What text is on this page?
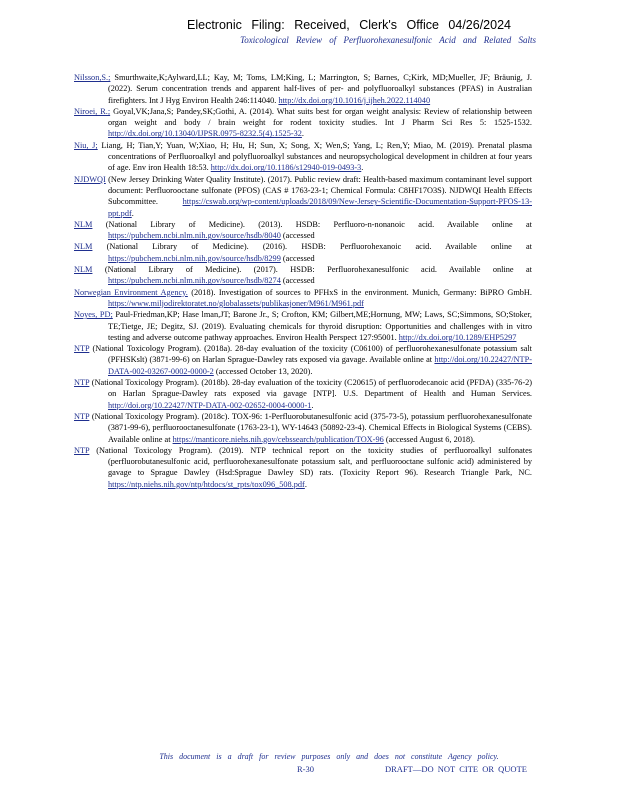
Electronic Filing: Received, Clerk's Office 04/26/2024
Toxicological Review of Perfluorohexanesulfonic Acid and Related Salts
Nilsson,S.; Smurthwaite,K;Aylward,LL; Kay, M; Toms, LM;King, L; Marrington, S; Barnes, C;Kirk, MD;Mueller, JF; Bräunig, J. (2022). Serum concentration trends and apparent half-lives of per- and polyfluoroalkyl substances (PFAS) in Australian firefighters. Int J Hyg Environ Health 246:114040. http://dx.doi.org/10.1016/j.ijheh.2022.114040
Niroei, R.; Goyal,VK;Jana,S; Pandey,SK;Gothi, A. (2014). What suits best for organ weight analysis: Review of relationship between organ weight and body / brain weight for rodent toxicity studies. Int J Pharm Sci Res 5: 1525-1532. http://dx.doi.org/10.13040/IJPSR.0975-8232.5(4).1525-32.
Niu, J; Liang, H; Tian,Y; Yuan, W;Xiao, H; Hu, H; Sun, X; Song, X; Wen,S; Yang, L; Ren,Y; Miao, M. (2019). Prenatal plasma concentrations of Perfluoroalkyl and polyfluoroalkyl substances and neuropsychological development in children at four years of age. Env iron Health 18:53. http://dx.doi.org/10.1186/s12940-019-0493-3.
NJDWQI (New Jersey Drinking Water Quality Institute). (2017). Public review draft: Health-based maximum contaminant level support document: Perfluorooctane sulfonate (PFOS) (CAS # 1763-23-1; Chemical Formula: C8HF17O3S). NJDWQI Health Effects Subcommittee. https://cswab.org/wp-content/uploads/2018/09/New-Jersey-Scientific-Documentation-Support-PFOS-13-ppt.pdf.
NLM (National Library of Medicine). (2013). HSDB: Perfluoro-n-nonanoic acid. Available online at https://pubchem.ncbi.nlm.nih.gov/source/hsdb/8040 (accessed
NLM (National Library of Medicine). (2016). HSDB: Perfluorohexanoic acid. Available online at https://pubchem.ncbi.nlm.nih.gov/source/hsdb/8299 (accessed
NLM (National Library of Medicine). (2017). HSDB: Perfluorohexanesulfonic acid. Available online at https://pubchem.ncbi.nlm.nih.gov/source/hsdb/8274 (accessed
Norwegian Environment Agency. (2018). Investigation of sources to PFHxS in the environment. Munich, Germany: BiPRO GmbH. https://www.miljodirektoratet.no/globalassets/publikasjoner/M961/M961.pdf
Noyes, PD; Paul-Friedman,KP; Hase lman,JT; Barone Jr., S; Crofton, KM; Gilbert,ME;Hornung, MW; Laws, SC;Simmons, SO;Stoker, TE;Tietge, JE; Degitz, SJ. (2019). Evaluating chemicals for thyroid disruption: Opportunities and challenges with in vitro testing and adverse outcome pathway approaches. Environ Health Perspect 127:95001. http://dx.doi.org/10.1289/EHP5297
NTP (National Toxicology Program). (2018a). 28-day evaluation of the toxicity (C06100) of perfluorohexanesulfonate potassium salt (PFHSKslt) (3871-99-6) on Harlan Sprague-Dawley rats exposed via gavage. Available online at http://doi.org/10.22427/NTP-DATA-002-03267-0002-0000-2 (accessed October 13, 2020).
NTP (National Toxicology Program). (2018b). 28-day evaluation of the toxicity (C20615) of perfluorodecanoic acid (PFDA) (335-76-2) on Harlan Sprague-Dawley rats exposed via gavage [NTP]. U.S. Department of Health and Human Services. http://doi.org/10.22427/NTP-DATA-002-02652-0004-0000-1.
NTP (National Toxicology Program). (2018c). TOX-96: 1-Perfluorobutanesulfonic acid (375-73-5), potassium perfluorohexanesulfonate (3871-99-6), perfluorooctanesulfonate (1763-23-1), WY-14643 (50892-23-4). Chemical Effects in Biological Systems (CEBS). Available online at https://manticore.niehs.nih.gov/cebssearch/publication/TOX-96 (accessed August 6, 2018).
NTP (National Toxicology Program). (2019). NTP technical report on the toxicity studies of perfluoroalkyl sulfonates (perfluorobutanesulfonic acid, perfluorohexanesulfonate potassium salt, and perfluorooctane sulfonic acid) administered by gavage to Sprague Dawley (Hsd:Sprague Dawley SD) rats. (Toxicity Report 96). Research Triangle Park, NC. https://ntp.niehs.nih.gov/ntp/htdocs/st_rpts/tox096_508.pdf.
This document is a draft for review purposes only and does not constitute Agency policy.
R-30	DRAFT—DO NOT CITE OR QUOTE
